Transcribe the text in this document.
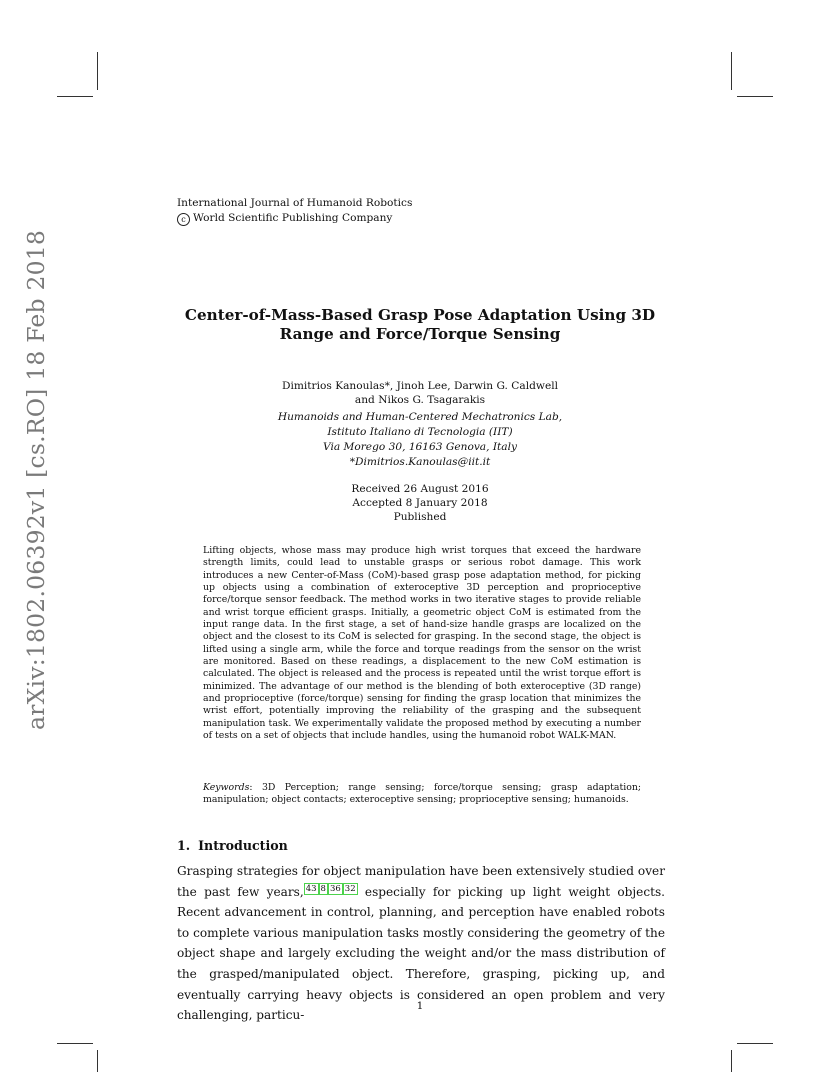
International Journal of Humanoid Robotics
c World Scientific Publishing Company
arXiv:1802.06392v1 [cs.RO] 18 Feb 2018	Center-of-Mass-Based Grasp Pose Adaptation Using 3D
Range and Force/Torque Sensing
Dimitrios Kanoulas*, Jinoh Lee, Darwin G. Caldwell
and Nikos G. Tsagarakis
Humanoids and Human-Centered Mechatronics Lab,
Istituto Italiano di Tecnologia (IIT)
Via Morego 30, 16163 Genova, Italy
*Dimitrios.Kanoulas@iit.it
Received 26 August 2016
Accepted 8 January 2018
Published
Lifting objects, whose mass may produce high wrist torques that exceed the hardware strength limits, could lead to unstable grasps or serious robot damage. This work introduces a new Center-of-Mass (CoM)-based grasp pose adaptation method, for picking up objects using a combination of exteroceptive 3D perception and proprioceptive force/torque sensor feedback. The method works in two iterative stages to provide reliable and wrist torque efficient grasps. Initially, a geometric object CoM is estimated from the input range data. In the first stage, a set of hand-size handle grasps are localized on the object and the closest to its CoM is selected for grasping. In the second stage, the object is lifted using a single arm, while the force and torque readings from the sensor on the wrist are monitored. Based on these readings, a displacement to the new CoM estimation is calculated. The object is released and the process is repeated until the wrist torque effort is minimized. The advantage of our method is the blending of both exteroceptive (3D range) and proprioceptive (force/torque) sensing for finding the grasp location that minimizes the wrist effort, potentially improving the reliability of the grasping and the subsequent manipulation task. We experimentally validate the proposed method by executing a number of tests on a set of objects that include handles, using the humanoid robot WALK-MAN.
Keywords: 3D Perception; range sensing; force/torque sensing; grasp adaptation; manipulation; object contacts; exteroceptive sensing; proprioceptive sensing; humanoids.
1. Introduction
Grasping strategies for object manipulation have been extensively studied over the past few years, $^{43}$ $^8$ $^{36}$ $^{32}$ especially for picking up light weight objects. Recent advancement in control, planning, and perception have enabled robots to complete various manipulation tasks mostly considering the geometry of the object shape and largely excluding the weight and/or the mass distribution of the grasped/manipulated object. Therefore, grasping, picking up, and eventually carrying heavy objects is considered an open problem and very challenging, particu-
1
